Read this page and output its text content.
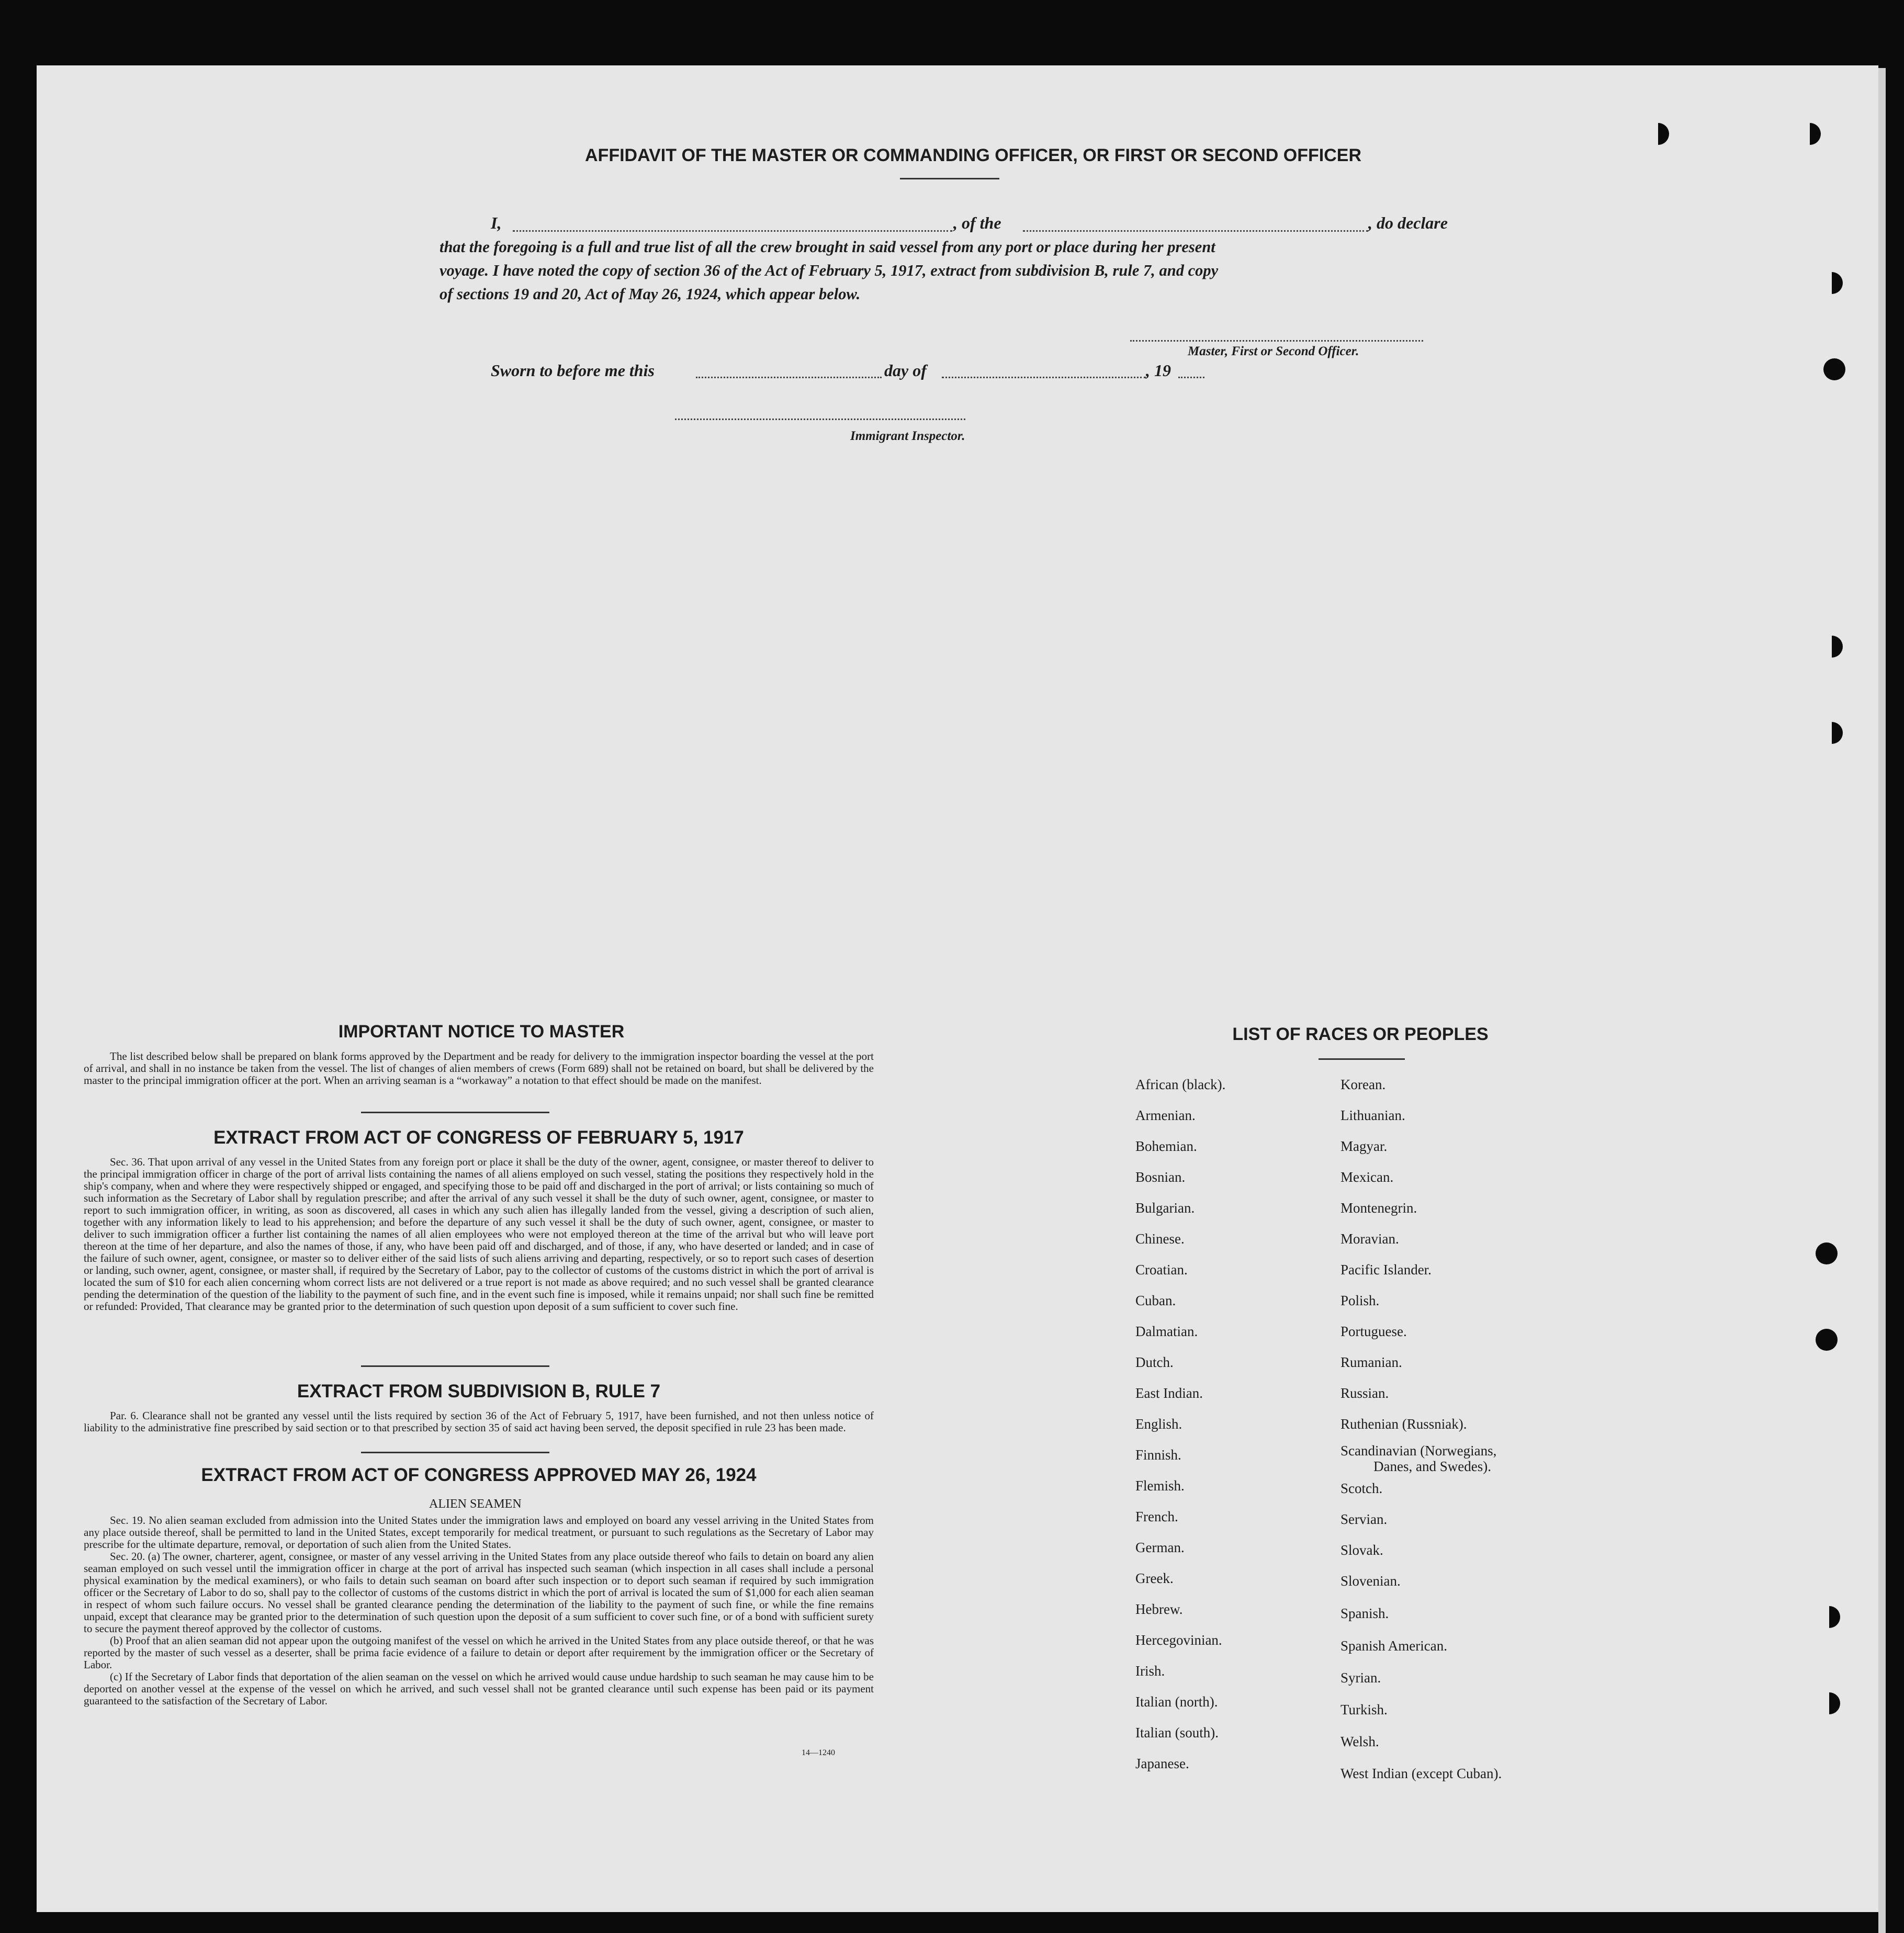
AFFIDAVIT OF THE MASTER OR COMMANDING OFFICER, OR FIRST OR SECOND OFFICER
I,	, of the	, do declare
that the foregoing is a full and true list of all the crew brought in said vessel from any port or place during her present
voyage. I have noted the copy of section 36 of the Act of February 5, 1917, extract from subdivision B, rule 7, and copy
of sections 19 and 20, Act of May 26, 1924, which appear below.
Master, First or Second Officer.
Sworn to before me this	day of	, 19
Immigrant Inspector.
IMPORTANT NOTICE TO MASTER

The list described below shall be prepared on blank forms approved by the Department and be ready for delivery to the immigration inspector boarding the vessel at the port of arrival, and shall in no instance be taken from the vessel. The list of changes of alien members of crews (Form 689) shall not be retained on board, but shall be delivered by the master to the principal immigration officer at the port. When an arriving seaman is a “workaway” a notation to that effect should be made on the manifest.

EXTRACT FROM ACT OF CONGRESS OF FEBRUARY 5, 1917

Sec. 36. That upon arrival of any vessel in the United States from any foreign port or place it shall be the duty of the owner, agent, consignee, or master thereof to deliver to the principal immigration officer in charge of the port of arrival lists containing the names of all aliens employed on such vessel, stating the positions they respectively hold in the ship's company, when and where they were respectively shipped or engaged, and specifying those to be paid off and discharged in the port of arrival; or lists containing so much of such information as the Secretary of Labor shall by regulation prescribe; and after the arrival of any such vessel it shall be the duty of such owner, agent, consignee, or master to report to such immigration officer, in writing, as soon as discovered, all cases in which any such alien has illegally landed from the vessel, giving a description of such alien, together with any information likely to lead to his apprehension; and before the departure of any such vessel it shall be the duty of such owner, agent, consignee, or master to deliver to such immigration officer a further list containing the names of all alien employees who were not employed thereon at the time of the arrival but who will leave port thereon at the time of her departure, and also the names of those, if any, who have been paid off and discharged, and of those, if any, who have deserted or landed; and in case of the failure of such owner, agent, consignee, or master so to deliver either of the said lists of such aliens arriving and departing, respectively, or so to report such cases of desertion or landing, such owner, agent, consignee, or master shall, if required by the Secretary of Labor, pay to the collector of customs of the customs district in which the port of arrival is located the sum of $10 for each alien concerning whom correct lists are not delivered or a true report is not made as above required; and no such vessel shall be granted clearance pending the determination of the question of the liability to the payment of such fine, and in the event such fine is imposed, while it remains unpaid; nor shall such fine be remitted or refunded: Provided, That clearance may be granted prior to the determination of such question upon deposit of a sum sufficient to cover such fine.

EXTRACT FROM SUBDIVISION B, RULE 7

Par. 6. Clearance shall not be granted any vessel until the lists required by section 36 of the Act of February 5, 1917, have been furnished, and not then unless notice of liability to the administrative fine prescribed by said section or to that prescribed by section 35 of said act having been served, the deposit specified in rule 23 has been made.

EXTRACT FROM ACT OF CONGRESS APPROVED MAY 26, 1924
ALIEN SEAMEN

Sec. 19. No alien seaman excluded from admission into the United States under the immigration laws and employed on board any vessel arriving in the United States from any place outside thereof, shall be permitted to land in the United States, except temporarily for medical treatment, or pursuant to such regulations as the Secretary of Labor may prescribe for the ultimate departure, removal, or deportation of such alien from the United States.

Sec. 20. (a) The owner, charterer, agent, consignee, or master of any vessel arriving in the United States from any place outside thereof who fails to detain on board any alien seaman employed on such vessel until the immigration officer in charge at the port of arrival has inspected such seaman (which inspection in all cases shall include a personal physical examination by the medical examiners), or who fails to detain such seaman on board after such inspection or to deport such seaman if required by such immigration officer or the Secretary of Labor to do so, shall pay to the collector of customs of the customs district in which the port of arrival is located the sum of $1,000 for each alien seaman in respect of whom such failure occurs. No vessel shall be granted clearance pending the determination of the liability to the payment of such fine, or while the fine remains unpaid, except that clearance may be granted prior to the determination of such question upon the deposit of a sum sufficient to cover such fine, or of a bond with sufficient surety to secure the payment thereof approved by the collector of customs.

(b) Proof that an alien seaman did not appear upon the outgoing manifest of the vessel on which he arrived in the United States from any place outside thereof, or that he was reported by the master of such vessel as a deserter, shall be prima facie evidence of a failure to detain or deport after requirement by the immigration officer or the Secretary of Labor.

(c) If the Secretary of Labor finds that deportation of the alien seaman on the vessel on which he arrived would cause undue hardship to such seaman he may cause him to be deported on another vessel at the expense of the vessel on which he arrived, and such vessel shall not be granted clearance until such expense has been paid or its payment guaranteed to the satisfaction of the Secretary of Labor.

14—1240
LIST OF RACES OR PEOPLES
African (black).
Armenian.
Bohemian.
Bosnian.
Bulgarian.
Chinese.
Croatian.
Cuban.
Dalmatian.
Dutch.
East Indian.
English.
Finnish.
Flemish.
French.
German.
Greek.
Hebrew.
Hercegovinian.
Irish.
Italian (north).
Italian (south).
Japanese.
Korean.
Lithuanian.
Magyar.
Mexican.
Montenegrin.
Moravian.
Pacific Islander.
Polish.
Portuguese.
Rumanian.
Russian.
Ruthenian (Russniak).
Scandinavian (Norwegians,
Danes, and Swedes).
Scotch.
Servian.
Slovak.
Slovenian.
Spanish.
Spanish American.
Syrian.
Turkish.
Welsh.
West Indian (except Cuban).
